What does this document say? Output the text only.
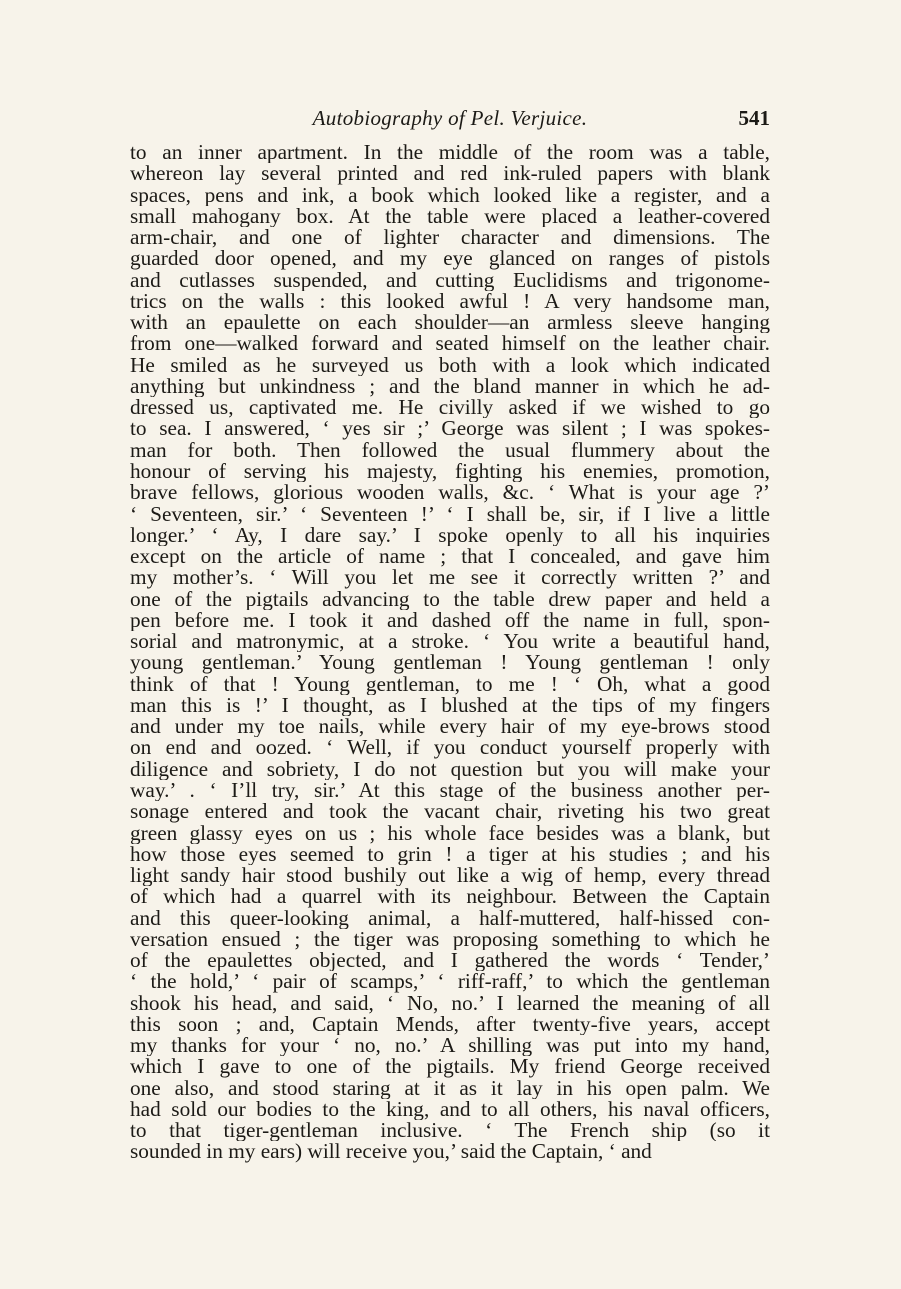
Autobiography of Pel. Verjuice.	541
to an inner apartment. In the middle of the room was a table,
whereon lay several printed and red ink-ruled papers with blank
spaces, pens and ink, a book which looked like a register, and a
small mahogany box. At the table were placed a leather-covered
arm-chair, and one of lighter character and dimensions. The
guarded door opened, and my eye glanced on ranges of pistols
and cutlasses suspended, and cutting Euclidisms and trigonome-
trics on the walls : this looked awful ! A very handsome man,
with an epaulette on each shoulder—an armless sleeve hanging
from one—walked forward and seated himself on the leather chair.
He smiled as he surveyed us both with a look which indicated
anything but unkindness ; and the bland manner in which he ad-
dressed us, captivated me. He civilly asked if we wished to go
to sea. I answered, ‘ yes sir ;’ George was silent ; I was spokes-
man for both. Then followed the usual flummery about the
honour of serving his majesty, fighting his enemies, promotion,
brave fellows, glorious wooden walls, &c. ‘ What is your age ?’
‘ Seventeen, sir.’ ‘ Seventeen !’ ‘ I shall be, sir, if I live a little
longer.’ ‘ Ay, I dare say.’ I spoke openly to all his inquiries
except on the article of name ; that I concealed, and gave him
my mother’s. ‘ Will you let me see it correctly written ?’ and
one of the pigtails advancing to the table drew paper and held a
pen before me. I took it and dashed off the name in full, spon-
sorial and matronymic, at a stroke. ‘ You write a beautiful hand,
young gentleman.’ Young gentleman ! Young gentleman ! only
think of that ! Young gentleman, to me ! ‘ Oh, what a good
man this is !’ I thought, as I blushed at the tips of my fingers
and under my toe nails, while every hair of my eye-brows stood
on end and oozed. ‘ Well, if you conduct yourself properly with
diligence and sobriety, I do not question but you will make your
way.’ . ‘ I’ll try, sir.’ At this stage of the business another per-
sonage entered and took the vacant chair, riveting his two great
green glassy eyes on us ; his whole face besides was a blank, but
how those eyes seemed to grin ! a tiger at his studies ; and his
light sandy hair stood bushily out like a wig of hemp, every thread
of which had a quarrel with its neighbour. Between the Captain
and this queer-looking animal, a half-muttered, half-hissed con-
versation ensued ; the tiger was proposing something to which he
of the epaulettes objected, and I gathered the words ‘ Tender,’
‘ the hold,’ ‘ pair of scamps,’ ‘ riff-raff,’ to which the gentleman
shook his head, and said, ‘ No, no.’ I learned the meaning of all
this soon ; and, Captain Mends, after twenty-five years, accept
my thanks for your ‘ no, no.’ A shilling was put into my hand,
which I gave to one of the pigtails. My friend George received
one also, and stood staring at it as it lay in his open palm. We
had sold our bodies to the king, and to all others, his naval officers,
to that tiger-gentleman inclusive. ‘ The French ship (so it
sounded in my ears) will receive you,’ said the Captain, ‘ and
